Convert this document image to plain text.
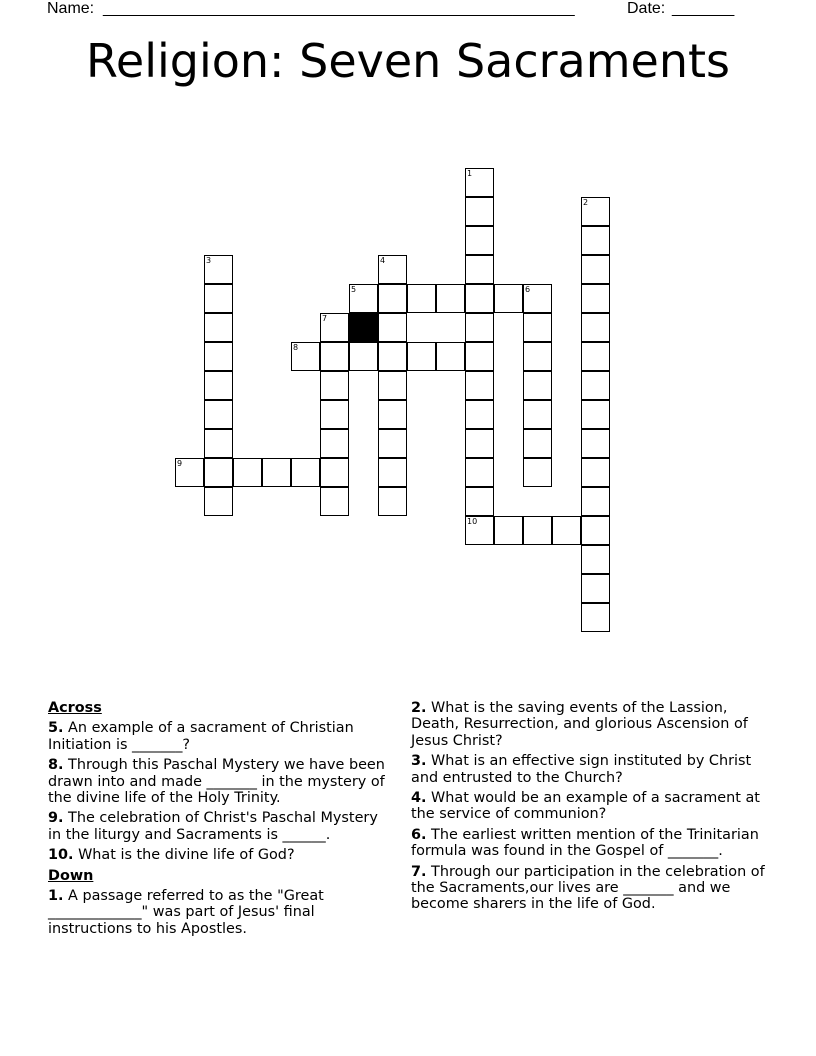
Name: _____________________________________________________	Date: _______
Religion: Seven Sacraments
1
10
2
3	4
5	6
7
8
9
Across
5. An example of a sacrament of Christian Initiation is _______?
8. Through this Paschal Mystery we have been drawn into and made _______ in the mystery of the divine life of the Holy Trinity.
9. The celebration of Christ's Paschal Mystery in the liturgy and Sacraments is ______.
10. What is the divine life of God?
Down
1. A passage referred to as the "Great _____________" was part of Jesus' final instructions to his Apostles.
2. What is the saving events of the Lassion, Death, Resurrection, and glorious Ascension of Jesus Christ?
3. What is an effective sign instituted by Christ and entrusted to the Church?
4. What would be an example of a sacrament at the service of communion?
6. The earliest written mention of the Trinitarian formula was found in the Gospel of _______.
7. Through our participation in the celebration of the Sacraments,our lives are _______ and we become sharers in the life of God.
